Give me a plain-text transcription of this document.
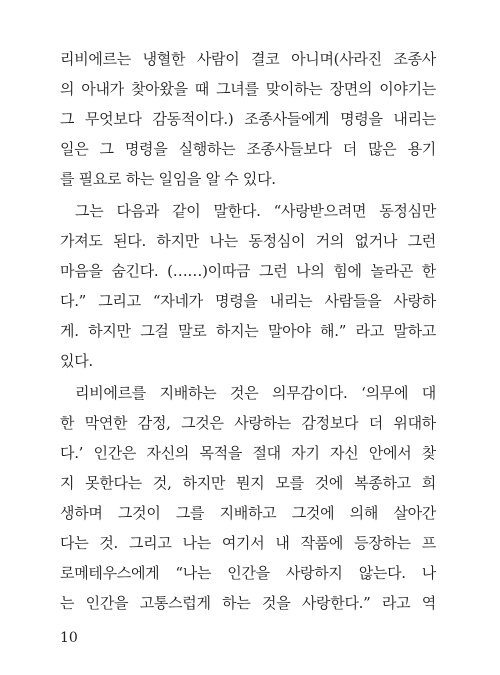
리비에르는 냉혈한 사람이 결코 아니며(사라진 조종사
의 아내가 찾아왔을 때 그녀를 맞이하는 장면의 이야기는
그 무엇보다 감동적이다.) 조종사들에게 명령을 내리는
일은 그 명령을 실행하는 조종사들보다 더 많은 용기
를 필요로 하는 일임을 알 수 있다.
그는 다음과 같이 말한다. “사랑받으려면 동정심만
가져도 된다. 하지만 나는 동정심이 거의 없거나 그런
마음을 숨긴다. (……)이따금 그런 나의 힘에 놀라곤 한
다.” 그리고 “자네가 명령을 내리는 사람들을 사랑하
게. 하지만 그걸 말로 하지는 말아야 해.” 라고 말하고
있다.
리비에르를 지배하는 것은 의무감이다. ‘의무에 대
한 막연한 감정, 그것은 사랑하는 감정보다 더 위대하
다.’ 인간은 자신의 목적을 절대 자기 자신 안에서 찾
지 못한다는 것, 하지만 뭔지 모를 것에 복종하고 희
생하며 그것이 그를 지배하고 그것에 의해 살아간
다는 것. 그리고 나는 여기서 내 작품에 등장하는 프
로메테우스에게 “나는 인간을 사랑하지 않는다. 나
는 인간을 고통스럽게 하는 것을 사랑한다.” 라고 역
10
